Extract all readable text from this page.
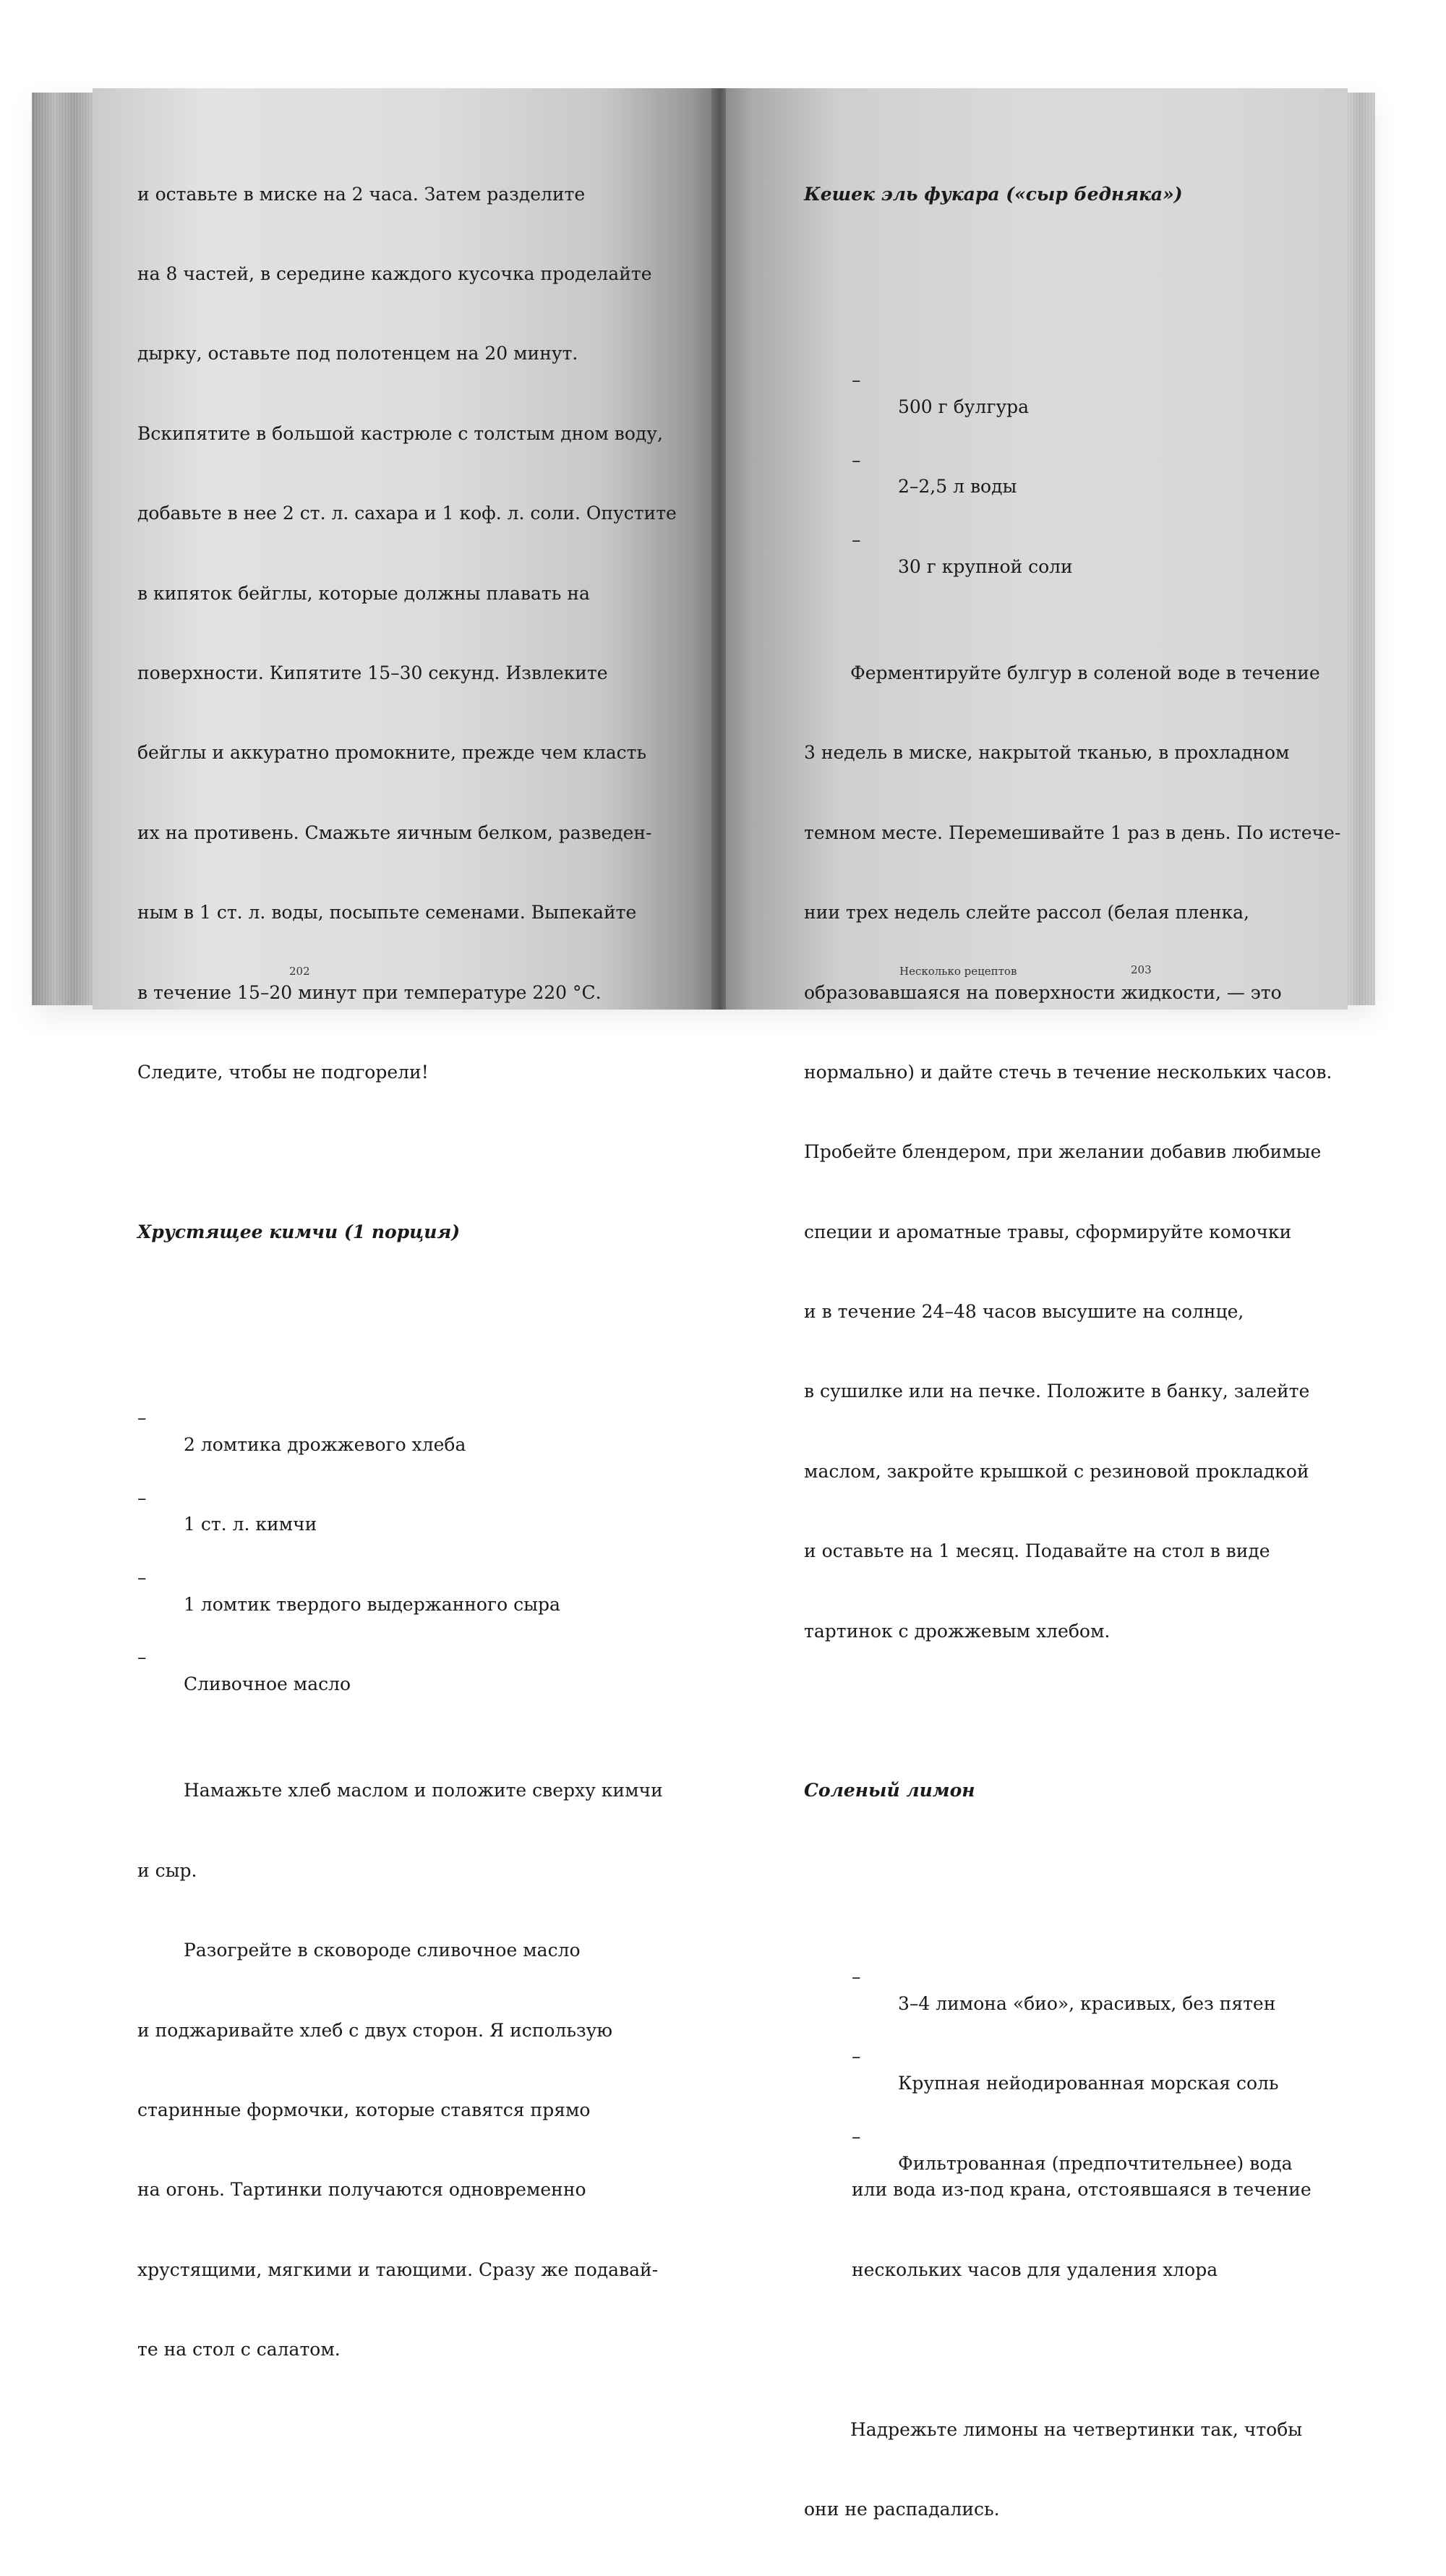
и оставьте в миске на 2 часа. Затем разделите

на 8 частей, в середине каждого кусочка проделайте

дырку, оставьте под полотенцем на 20 минут.

Вскипятите в большой кастрюле с толстым дном воду,

добавьте в нее 2 ст. л. сахара и 1 коф. л. соли. Опустите

в кипяток бейглы, которые должны плавать на

поверхности. Кипятите 15–30 секунд. Извлеките

бейглы и аккуратно промокните, прежде чем класть

их на противень. Смажьте яичным белком, разведен-

ным в 1 ст. л. воды, посыпьте семенами. Выпекайте

в течение 15–20 минут при температуре 220 °С.

Следите, чтобы не подгорели!

Хрустящее кимчи (1 порция)

–

2 ломтика дрожжевого хлеба

–

1 ст. л. кимчи

–

1 ломтик твердого выдержанного сыра

–

Сливочное масло

Намажьте хлеб маслом и положите сверху кимчи

и сыр.

Разогрейте в сковороде сливочное масло

и поджаривайте хлеб с двух сторон. Я использую

старинные формочки, которые ставятся прямо

на огонь. Тартинки получаются одновременно

хрустящими, мягкими и тающими. Сразу же подавай-

те на стол с салатом.

202

Кешек эль фукара («сыр бедняка»)

–

500 г булгура

–

2–2,5 л воды

–

30 г крупной соли

Ферментируйте булгур в соленой воде в течение

3 недель в миске, накрытой тканью, в прохладном

темном месте. Перемешивайте 1 раз в день. По истече-

нии трех недель слейте рассол (белая пленка,

образовавшаяся на поверхности жидкости, — это

нормально) и дайте стечь в течение нескольких часов.

Пробейте блендером, при желании добавив любимые

специи и ароматные травы, сформируйте комочки

и в течение 24–48 часов высушите на солнце,

в сушилке или на печке. Положите в банку, залейте

маслом, закройте крышкой с резиновой прокладкой

и оставьте на 1 месяц. Подавайте на стол в виде

тартинок с дрожжевым хлебом.

Соленый лимон

–

3–4 лимона «био», красивых, без пятен

–

Крупная нейодированная морская соль

–

Фильтрованная (предпочтительнее) вода

или вода из-под крана, отстоявшаяся в течение

нескольких часов для удаления хлора

Надрежьте лимоны на четвертинки так, чтобы

они не распадались.

Несколько рецептов	203
